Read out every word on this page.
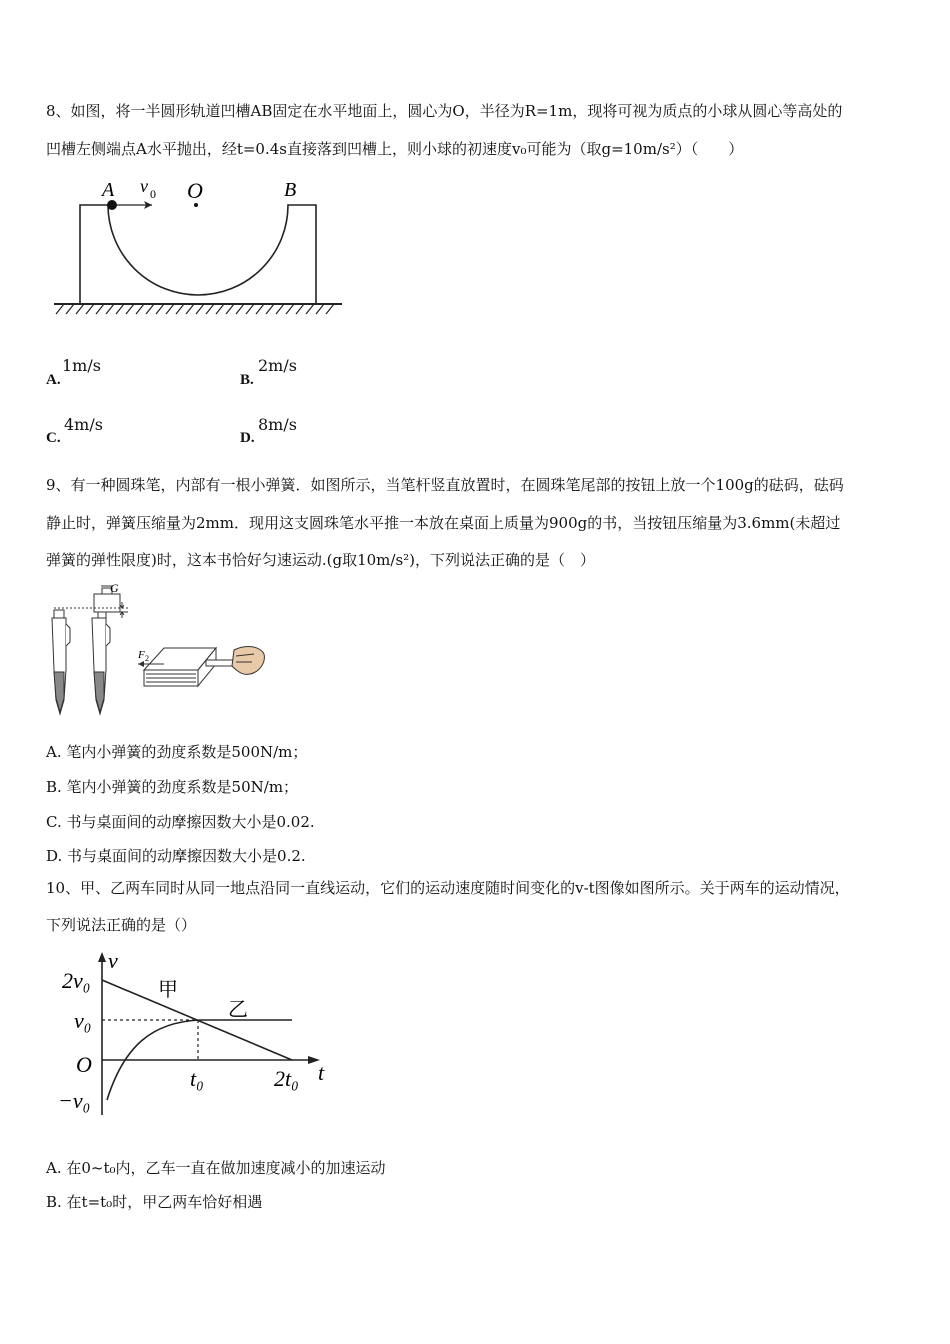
8、如图，将一半圆形轨道凹槽AB固定在水平地面上，圆心为O，半径为R=1m，现将可视为质点的小球从圆心等高处的
凹槽左侧端点A水平抛出，经t=0.4s直接落到凹槽上，则小球的初速度v₀可能为（取g=10m/s²）（　　）
A v 0 O	B
A.
1m/s
B.
2m/s
C.
4m/s
D.
8m/s
9、有一种圆珠笔，内部有一根小弹簧．如图所示，当笔杆竖直放置时，在圆珠笔尾部的按钮上放一个100g的砝码，砝码
静止时，弹簧压缩量为2mm．现用这支圆珠笔水平推一本放在桌面上质量为900g的书，当按钮压缩量为3.6mm(未超过
弹簧的弹性限度)时，这本书恰好匀速运动.(g取10m/s²)，下列说法正确的是（　）
G
F 2
A. 笔内小弹簧的劲度系数是500N/m；
B. 笔内小弹簧的劲度系数是50N/m；
C. 书与桌面间的动摩擦因数大小是0.02.
D. 书与桌面间的动摩擦因数大小是0.2.
10、甲、乙两车同时从同一地点沿同一直线运动，它们的运动速度随时间变化的v-t图像如图所示。关于两车的运动情况，
下列说法正确的是（）
v
t
O
2v₀
v₀
−v₀
t₀	2t₀
甲
乙
A. 在0~t₀内，乙车一直在做加速度减小的加速运动
B. 在t=t₀时，甲乙两车恰好相遇
